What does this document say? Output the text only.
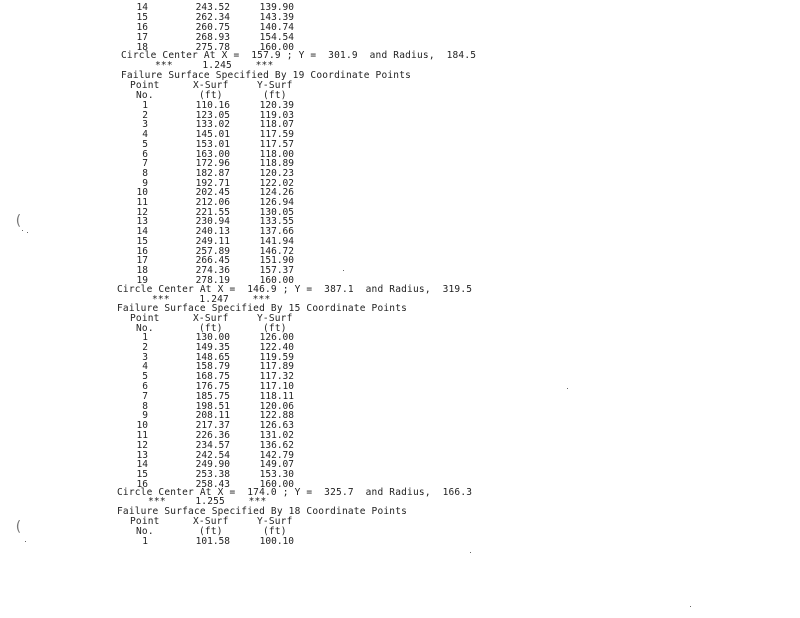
14	243.52	139.90
15	262.34	143.39
16	260.75	140.74
17	268.93	154.54
18	275.78	160.00
Circle Center At X =  157.9 ; Y =  301.9  and Radius,  184.5
***     1.245    ***
Failure Surface Specified By 19 Coordinate Points
Point	X-Surf	Y-Surf
No.	(ft)	(ft)
1	110.16	120.39
2	123.05	119.03
3	133.02	118.07
4	145.01	117.59
5	153.01	117.57
6	163.00	118.00
7	172.96	118.89
8	182.87	120.23
9	192.71	122.02
10	202.45	124.26
11	212.06	126.94
12	221.55	130.05
13	230.94	133.55
14	240.13	137.66
15	249.11	141.94
16	257.89	146.72
17	266.45	151.90
18	274.36	157.37
19	278.19	160.00
Circle Center At X =  146.9 ; Y =  387.1  and Radius,  319.5
***     1.247    ***
Failure Surface Specified By 15 Coordinate Points
Point	X-Surf	Y-Surf
No.	(ft)	(ft)
1	130.00	126.00
2	149.35	122.40
3	148.65	119.59
4	158.79	117.89
5	168.75	117.32
6	176.75	117.10
7	185.75	118.11
8	198.51	120.06
9	208.11	122.88
10	217.37	126.63
11	226.36	131.02
12	234.57	136.62
13	242.54	142.79
14	249.90	149.07
15	253.38	153.30
16	258.43	160.00
Circle Center At X =  174.0 ; Y =  325.7  and Radius,  166.3
***     1.255    ***
Failure Surface Specified By 18 Coordinate Points
Point	X-Surf	Y-Surf
No.	(ft)	(ft)
1	101.58	100.10
(
(
